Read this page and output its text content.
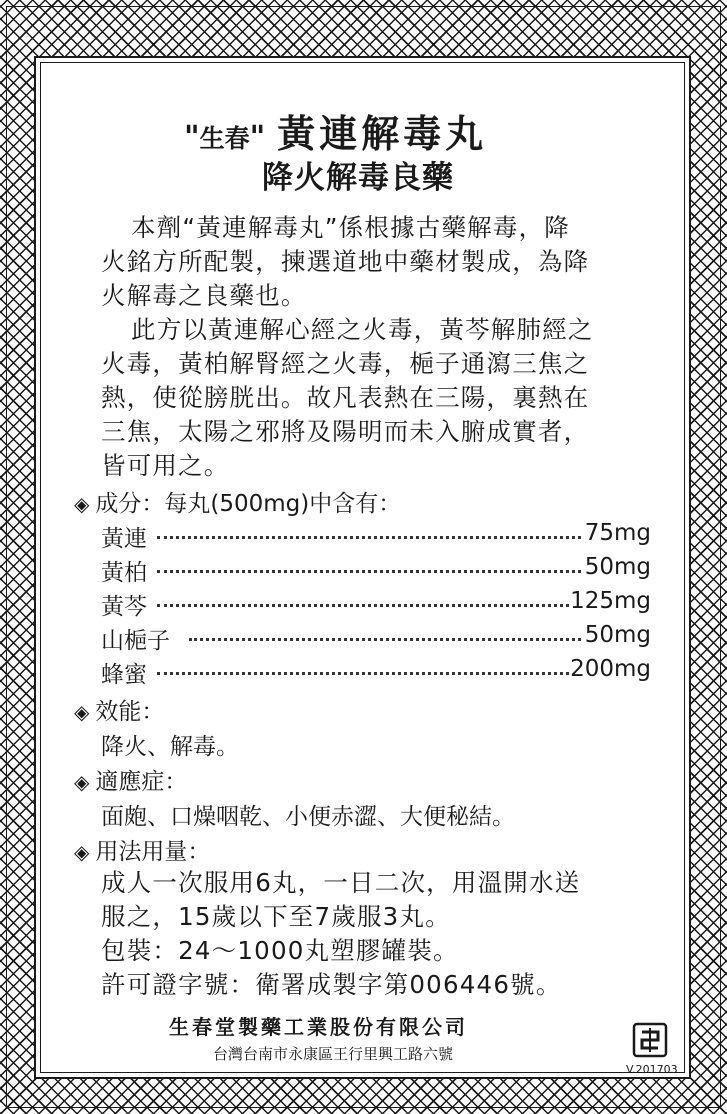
"生春" 黃連解毒丸
降火解毒良藥
本劑“黃連解毒丸”係根據古藥解毒，降
火銘方所配製，揀選道地中藥材製成，為降
火解毒之良藥也。
此方以黃連解心經之火毒，黃芩解肺經之
火毒，黃柏解腎經之火毒，梔子通瀉三焦之
熱，使從膀胱出。故凡表熱在三陽，裏熱在
三焦，太陽之邪將及陽明而未入腑成實者，
皆可用之。
◈ 成分：每丸(500mg)中含有：
黃連	75mg
黃柏	50mg
黃芩	125mg
山梔子	50mg
蜂蜜	200mg
◈ 效能：
降火、解毒。
◈ 適應症：
面皰、口燥咽乾、小便赤澀、大便秘結。
◈ 用法用量：
成人一次服用6丸，一日二次，用溫開水送
服之，15歲以下至7歲服3丸。
包裝：24～1000丸塑膠罐裝。
許可證字號：衛署成製字第006446號。
生春堂製藥工業股份有限公司
台灣台南市永康區王行里興工路六號
V.201703
